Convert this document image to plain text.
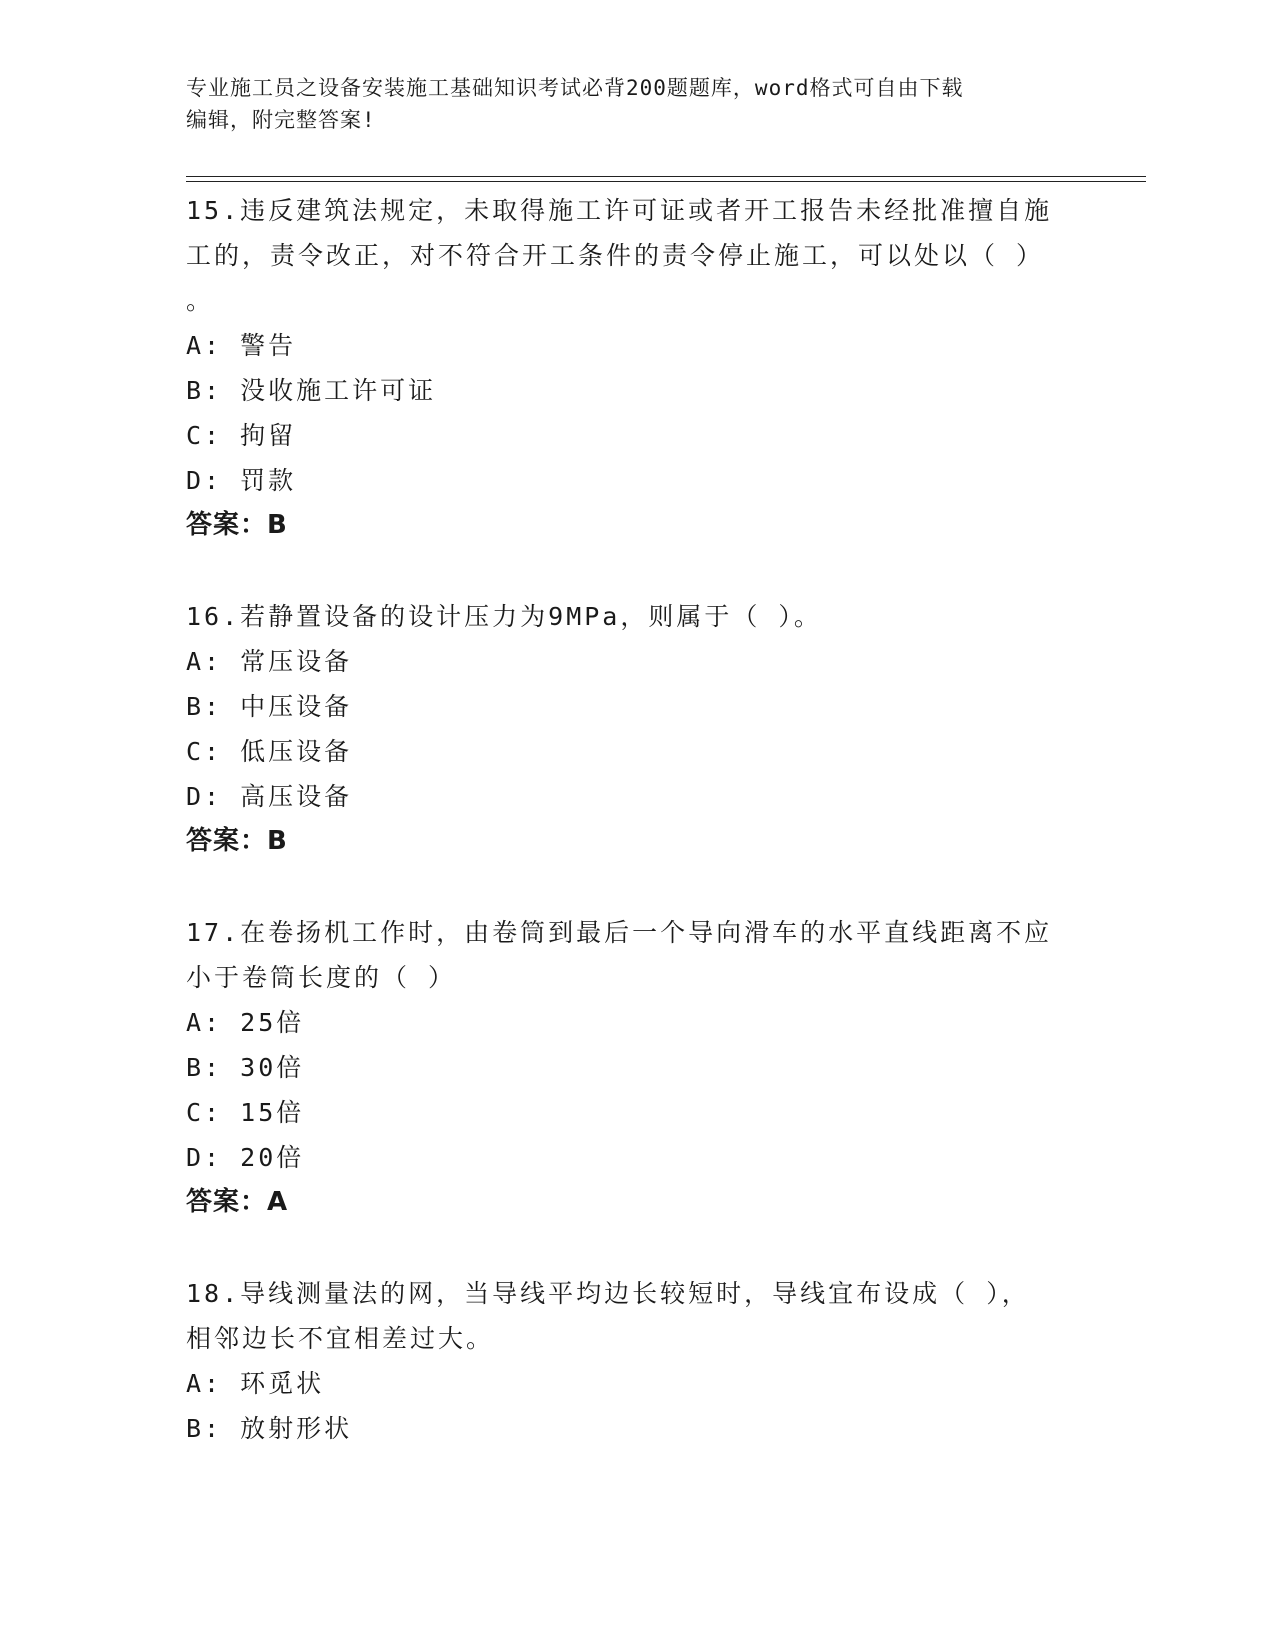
专业施工员之设备安装施工基础知识考试必背200题题库，word格式可自由下载
编辑，附完整答案!

15.违反建筑法规定，未取得施工许可证或者开工报告未经批准擅自施

工的，责令改正，对不符合开工条件的责令停止施工，可以处以（ ）

。

A: 警告

B: 没收施工许可证

C: 拘留

D: 罚款

答案：B

16.若静置设备的设计压力为9MPa，则属于（ ）。

A: 常压设备

B: 中压设备

C: 低压设备

D: 高压设备

答案：B

17.在卷扬机工作时，由卷筒到最后一个导向滑车的水平直线距离不应

小于卷筒长度的（ ）

A: 25倍

B: 30倍

C: 15倍

D: 20倍

答案：A

18.导线测量法的网，当导线平均边长较短时，导线宜布设成（ ），

相邻边长不宜相差过大。

A: 环觅状

B: 放射形状
